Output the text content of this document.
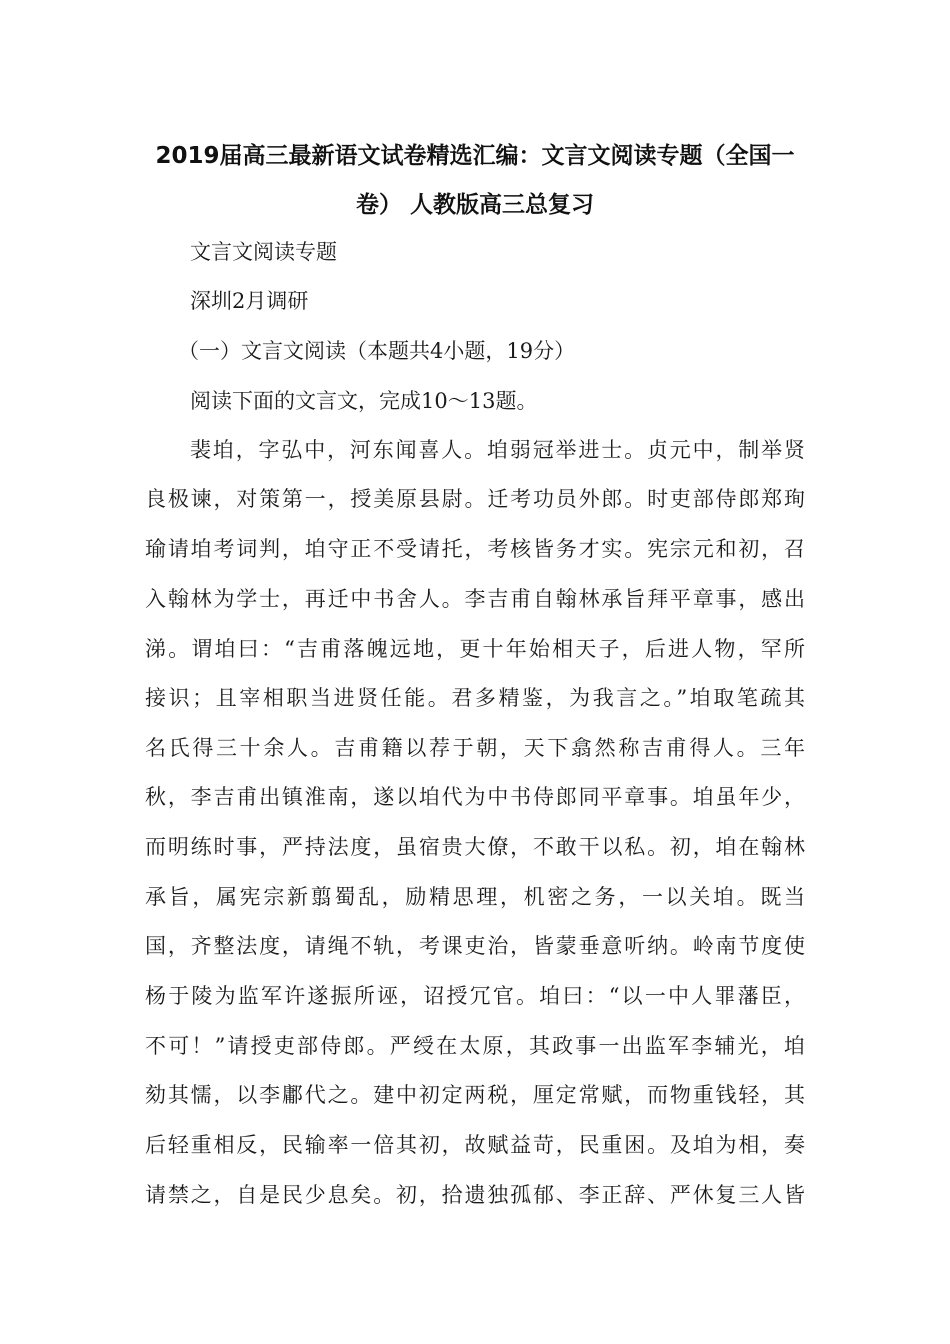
2019届高三最新语文试卷精选汇编：文言文阅读专题（全国一
卷） 人教版高三总复习
文言文阅读专题
深圳2月调研
（一）文言文阅读（本题共4小题，19分）
阅读下面的文言文，完成10～13题。
裴垍，字弘中，河东闻喜人。垍弱冠举进士。贞元中，制举贤
良极谏，对策第一，授美原县尉。迁考功员外郎。时吏部侍郎郑珣
瑜请垍考词判，垍守正不受请托，考核皆务才实。宪宗元和初，召
入翰林为学士，再迁中书舍人。李吉甫自翰林承旨拜平章事，感出
涕。谓垍曰：“吉甫落魄远地，更十年始相天子，后进人物，罕所
接识；且宰相职当进贤任能。君多精鉴，为我言之。”垍取笔疏其
名氏得三十余人。吉甫籍以荐于朝，天下翕然称吉甫得人。三年
秋，李吉甫出镇淮南，遂以垍代为中书侍郎同平章事。垍虽年少，
而明练时事，严持法度，虽宿贵大僚，不敢干以私。初，垍在翰林
承旨，属宪宗新翦蜀乱，励精思理，机密之务，一以关垍。既当
国，齐整法度，请绳不轨，考课吏治，皆蒙垂意听纳。岭南节度使
杨于陵为监军许遂振所诬，诏授冗官。垍曰：“以一中人罪藩臣，
不可！”请授吏部侍郎。严绶在太原，其政事一出监军李辅光，垍
劾其懦，以李鄘代之。建中初定两税，厘定常赋，而物重钱轻，其
后轻重相反，民输率一倍其初，故赋益苛，民重困。及垍为相，奏
请禁之，自是民少息矣。初，拾遗独孤郁、李正辞、严休复三人皆
